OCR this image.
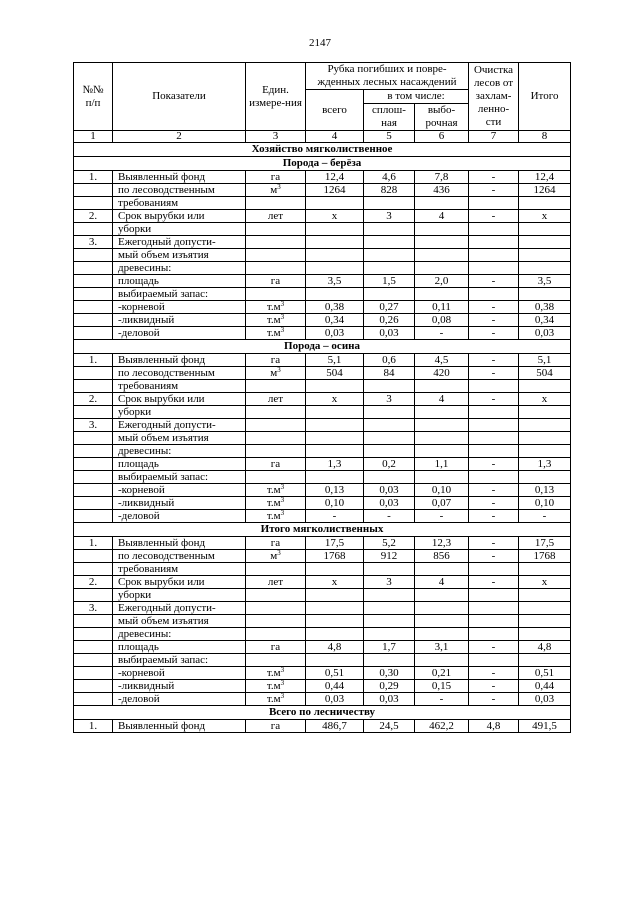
2147
№№ п/п	Показатели	Един. измере-ния	Рубка погибших и повре-жденных лесных насаждений			Очистка лесов от захлам-ленно-сти	Итого
			всего	в том числе:			
				сплош-ная	выбо-рочная		
1	2	3	4	5	6	7	8
Хозяйство мягколиственное							
Порода – берёза							
1.	Выявленный фонд	га	12,4	4,6	7,8	-	12,4
	по лесоводственным	$м^3$	1264	828	436	-	1264
	требованиям						
2.	Срок вырубки или	лет	х	3	4	-	х
	уборки						
3.	Ежегодный допусти-						
	мый объем изъятия						
	древесины:						
	площадь	га	3,5	1,5	2,0	-	3,5
	выбираемый запас:						
	-корневой	$т.м^3$	0,38	0,27	0,11	-	0,38
	-ликвидный	$т.м^3$	0,34	0,26	0,08	-	0,34
	-деловой	$т.м^3$	0,03	0,03	-	-	0,03
Порода – осина							
1.	Выявленный фонд	га	5,1	0,6	4,5	-	5,1
	по лесоводственным	$м^3$	504	84	420	-	504
	требованиям						
2.	Срок вырубки или	лет	х	3	4	-	х
	уборки						
3.	Ежегодный допусти-						
	мый объем изъятия						
	древесины:						
	площадь	га	1,3	0,2	1,1	-	1,3
	выбираемый запас:						
	-корневой	$т.м^3$	0,13	0,03	0,10	-	0,13
	-ликвидный	$т.м^3$	0,10	0,03	0,07	-	0,10
	-деловой	$т.м^3$	-	-	-	-	-
Итого мягколиственных							
1.	Выявленный фонд	га	17,5	5,2	12,3	-	17,5
	по лесоводственным	$м^3$	1768	912	856	-	1768
	требованиям						
2.	Срок вырубки или	лет	х	3	4	-	х
	уборки						
3.	Ежегодный допусти-						
	мый объем изъятия						
	древесины:						
	площадь	га	4,8	1,7	3,1	-	4,8
	выбираемый запас:						
	-корневой	$т.м^3$	0,51	0,30	0,21	-	0,51
	-ликвидный	$т.м^3$	0,44	0,29	0,15	-	0,44
	-деловой	$т.м^3$	0,03	0,03	-	-	0,03
Всего по лесничеству							
1.	Выявленный фонд	га	486,7	24,5	462,2	4,8	491,5
